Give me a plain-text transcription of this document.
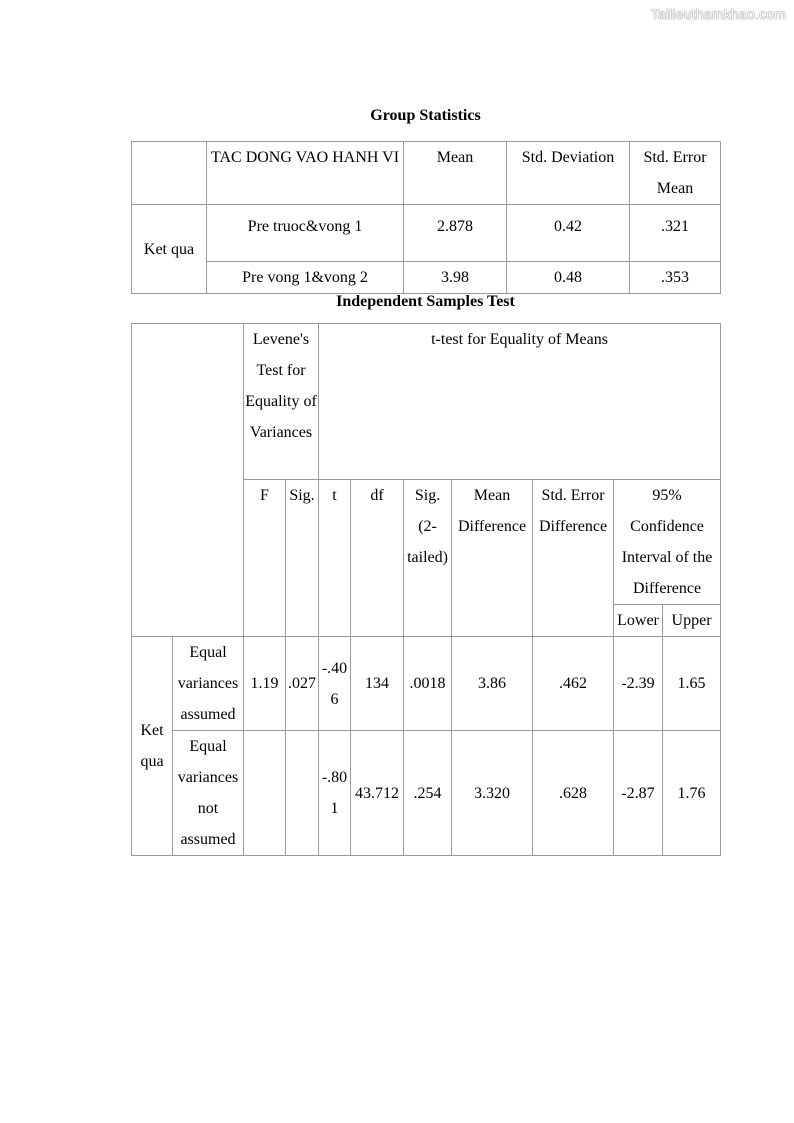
Tailieuthamkhao.com
Group Statistics
	TAC DONG VAO HANH VI	Mean	Std. Deviation	Std. Error Mean
Ket qua	Pre truoc&vong 1	2.878	0.42	.321
	Pre vong 1&vong 2	3.98	0.48	.353
Independent Samples Test
		Levene's Test for Equality of Variances		t-test for Equality of Means						
		F	Sig.	t	df	Sig. (2-tailed)	Mean Difference	Std. Error Difference	95% Confidence Interval of the Difference	
									Lower	Upper
Ket qua	Equal variances assumed	1.19	.027	-.406	134	.0018	3.86	.462	-2.39	1.65
	Equal variances not assumed			-.801	43.712	.254	3.320	.628	-2.87	1.76
